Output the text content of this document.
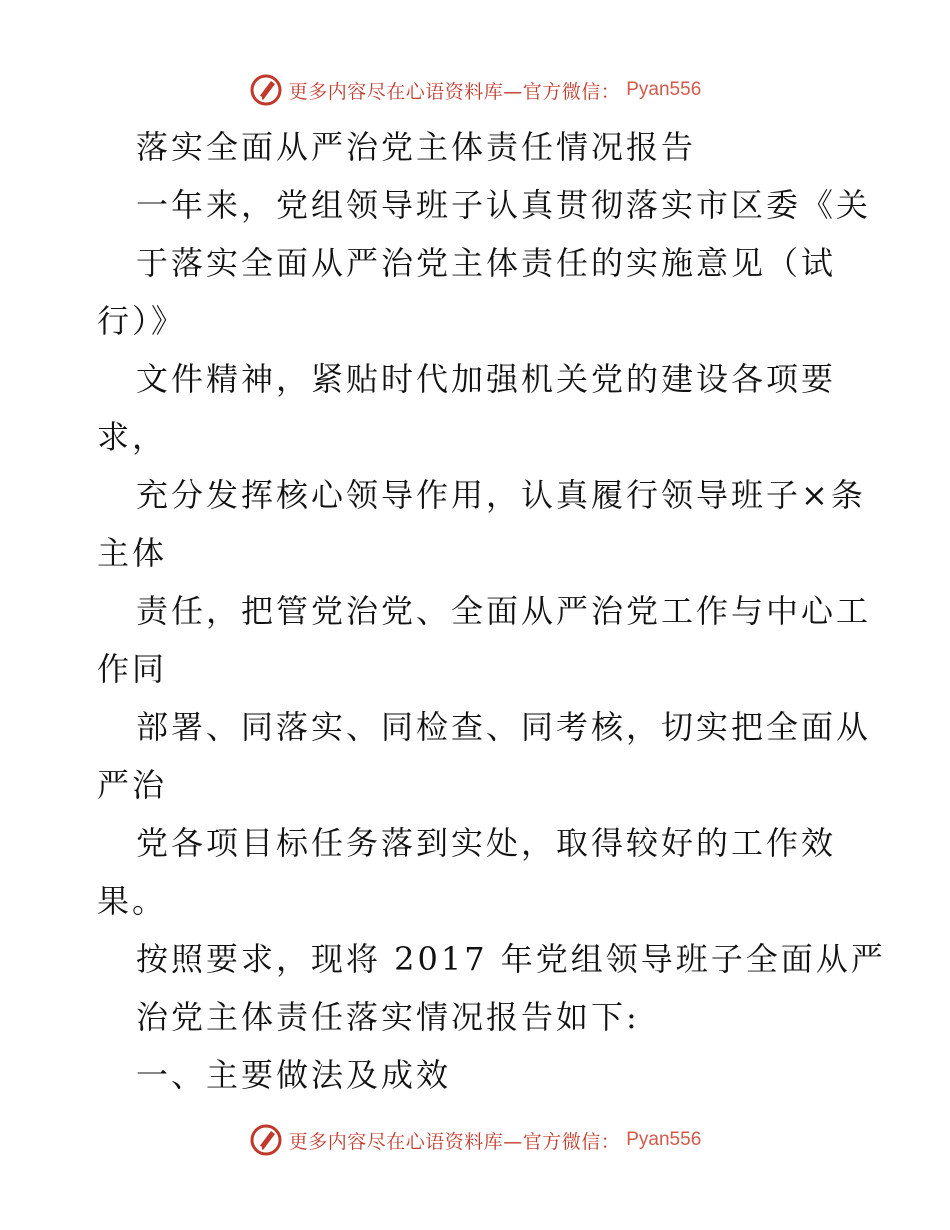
更多内容尽在心语资料库—官方微信： Pyan556
落实全面从严治党主体责任情况报告
一年来，党组领导班子认真贯彻落实市区委《关
于落实全面从严治党主体责任的实施意见（试
行）》
文件精神，紧贴时代加强机关党的建设各项要
求，
充分发挥核心领导作用，认真履行领导班子×条
主体
责任，把管党治党、全面从严治党工作与中心工
作同
部署、同落实、同检查、同考核，切实把全面从
严治
党各项目标任务落到实处，取得较好的工作效
果。
按照要求，现将 2017 年党组领导班子全面从严
治党主体责任落实情况报告如下:
一、主要做法及成效
更多内容尽在心语资料库—官方微信： Pyan556
